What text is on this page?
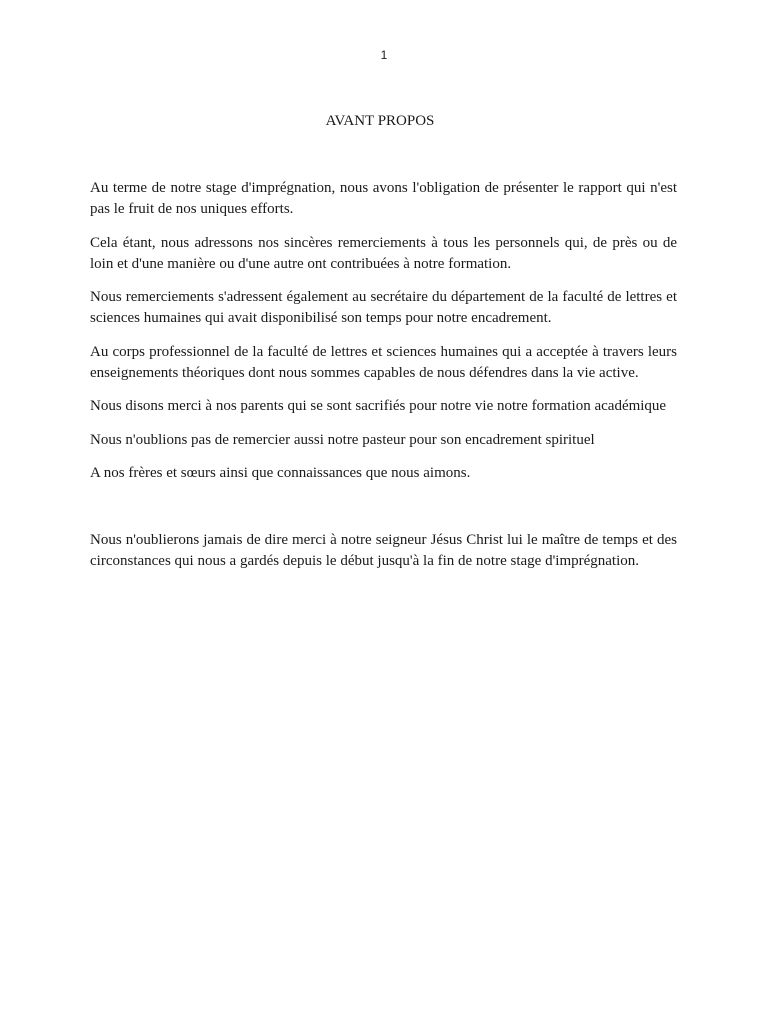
1
AVANT PROPOS

Au terme de notre stage d'imprégnation, nous avons l'obligation de présenter le rapport qui n'est pas le fruit de nos uniques efforts.

Cela étant, nous adressons nos sincères remerciements à tous les personnels qui, de près ou de loin et d'une manière ou d'une autre ont contribuées à notre formation.

Nous remerciements s'adressent également au secrétaire du département de la faculté de lettres et sciences humaines qui avait disponibilisé son temps pour notre encadrement.

Au corps professionnel de la faculté de lettres et sciences humaines qui a acceptée à travers leurs enseignements théoriques dont nous sommes capables de nous défendres dans la vie active.

Nous disons merci à nos parents qui se sont sacrifiés pour notre vie notre formation académique

Nous n'oublions pas de remercier aussi notre pasteur pour son encadrement spirituel

A nos frères et sœurs ainsi que connaissances que nous aimons.

Nous n'oublierons jamais de dire merci à notre seigneur Jésus Christ lui le maître de temps et des circonstances qui nous a gardés depuis le début jusqu'à la fin de notre stage d'imprégnation.
